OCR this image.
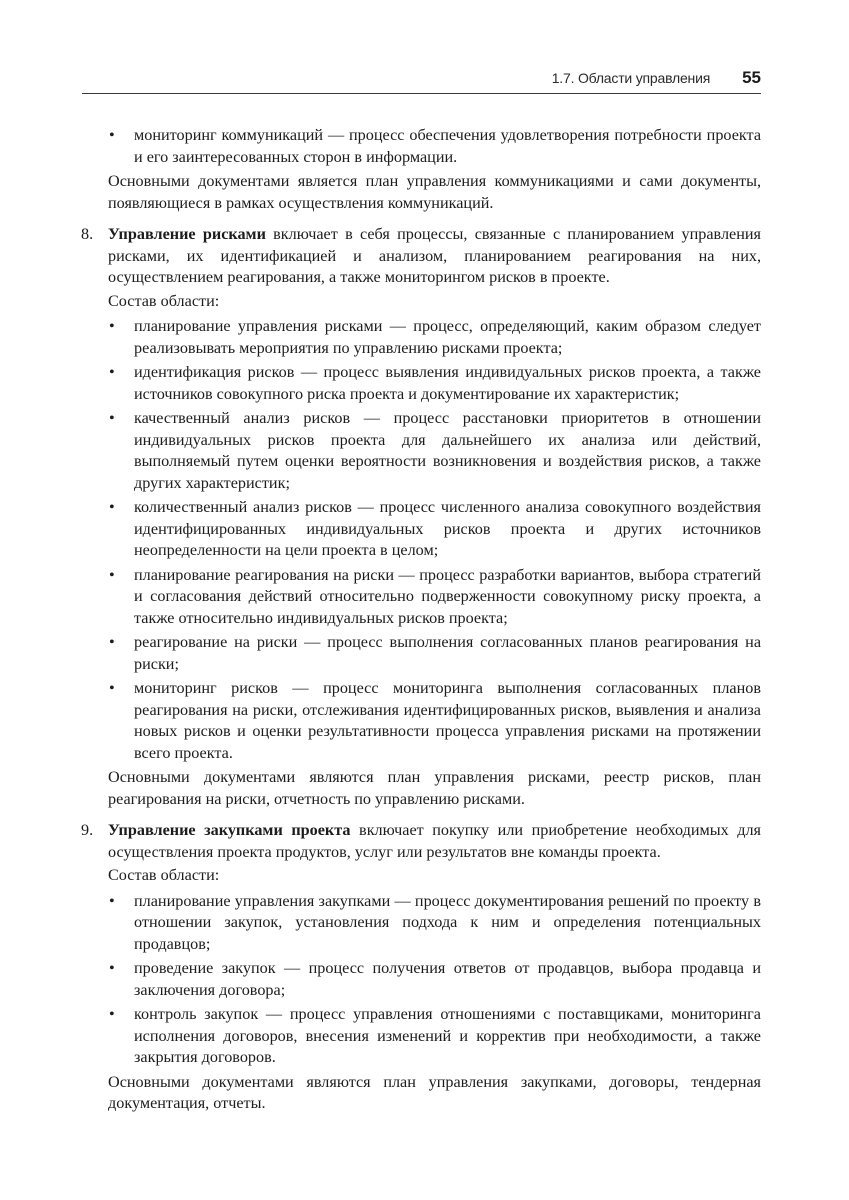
1.7. Области управления 55
• мониторинг коммуникаций — процесс обеспечения удовлетворения потребности проекта и его заинтересованных сторон в информации.

Основными документами является план управления коммуникациями и сами документы, появляющиеся в рамках осуществления коммуникаций.

8. Управление рисками включает в себя процессы, связанные с планированием управления рисками, их идентификацией и анализом, планированием реагирования на них, осуществлением реагирования, а также мониторингом рисков в проекте.

Состав области:

• планирование управления рисками — процесс, определяющий, каким образом следует реализовывать мероприятия по управлению рисками проекта;
• идентификация рисков — процесс выявления индивидуальных рисков проекта, а также источников совокупного риска проекта и документирование их характеристик;
• качественный анализ рисков — процесс расстановки приоритетов в отношении индивидуальных рисков проекта для дальнейшего их анализа или действий, выполняемый путем оценки вероятности возникновения и воздействия рисков, а также других характеристик;
• количественный анализ рисков — процесс численного анализа совокупного воздействия идентифицированных индивидуальных рисков проекта и других источников неопределенности на цели проекта в целом;
• планирование реагирования на риски — процесс разработки вариантов, выбора стратегий и согласования действий относительно подверженности совокупному риску проекта, а также относительно индивидуальных рисков проекта;
• реагирование на риски — процесс выполнения согласованных планов реагирования на риски;
• мониторинг рисков — процесс мониторинга выполнения согласованных планов реагирования на риски, отслеживания идентифицированных рисков, выявления и анализа новых рисков и оценки результативности процесса управления рисками на протяжении всего проекта.

Основными документами являются план управления рисками, реестр рисков, план реагирования на риски, отчетность по управлению рисками.

9. Управление закупками проекта включает покупку или приобретение необходимых для осуществления проекта продуктов, услуг или результатов вне команды проекта.

Состав области:

• планирование управления закупками — процесс документирования решений по проекту в отношении закупок, установления подхода к ним и определения потенциальных продавцов;
• проведение закупок — процесс получения ответов от продавцов, выбора продавца и заключения договора;
• контроль закупок — процесс управления отношениями с поставщиками, мониторинга исполнения договоров, внесения изменений и корректив при необходимости, а также закрытия договоров.

Основными документами являются план управления закупками, договоры, тендерная документация, отчеты.
